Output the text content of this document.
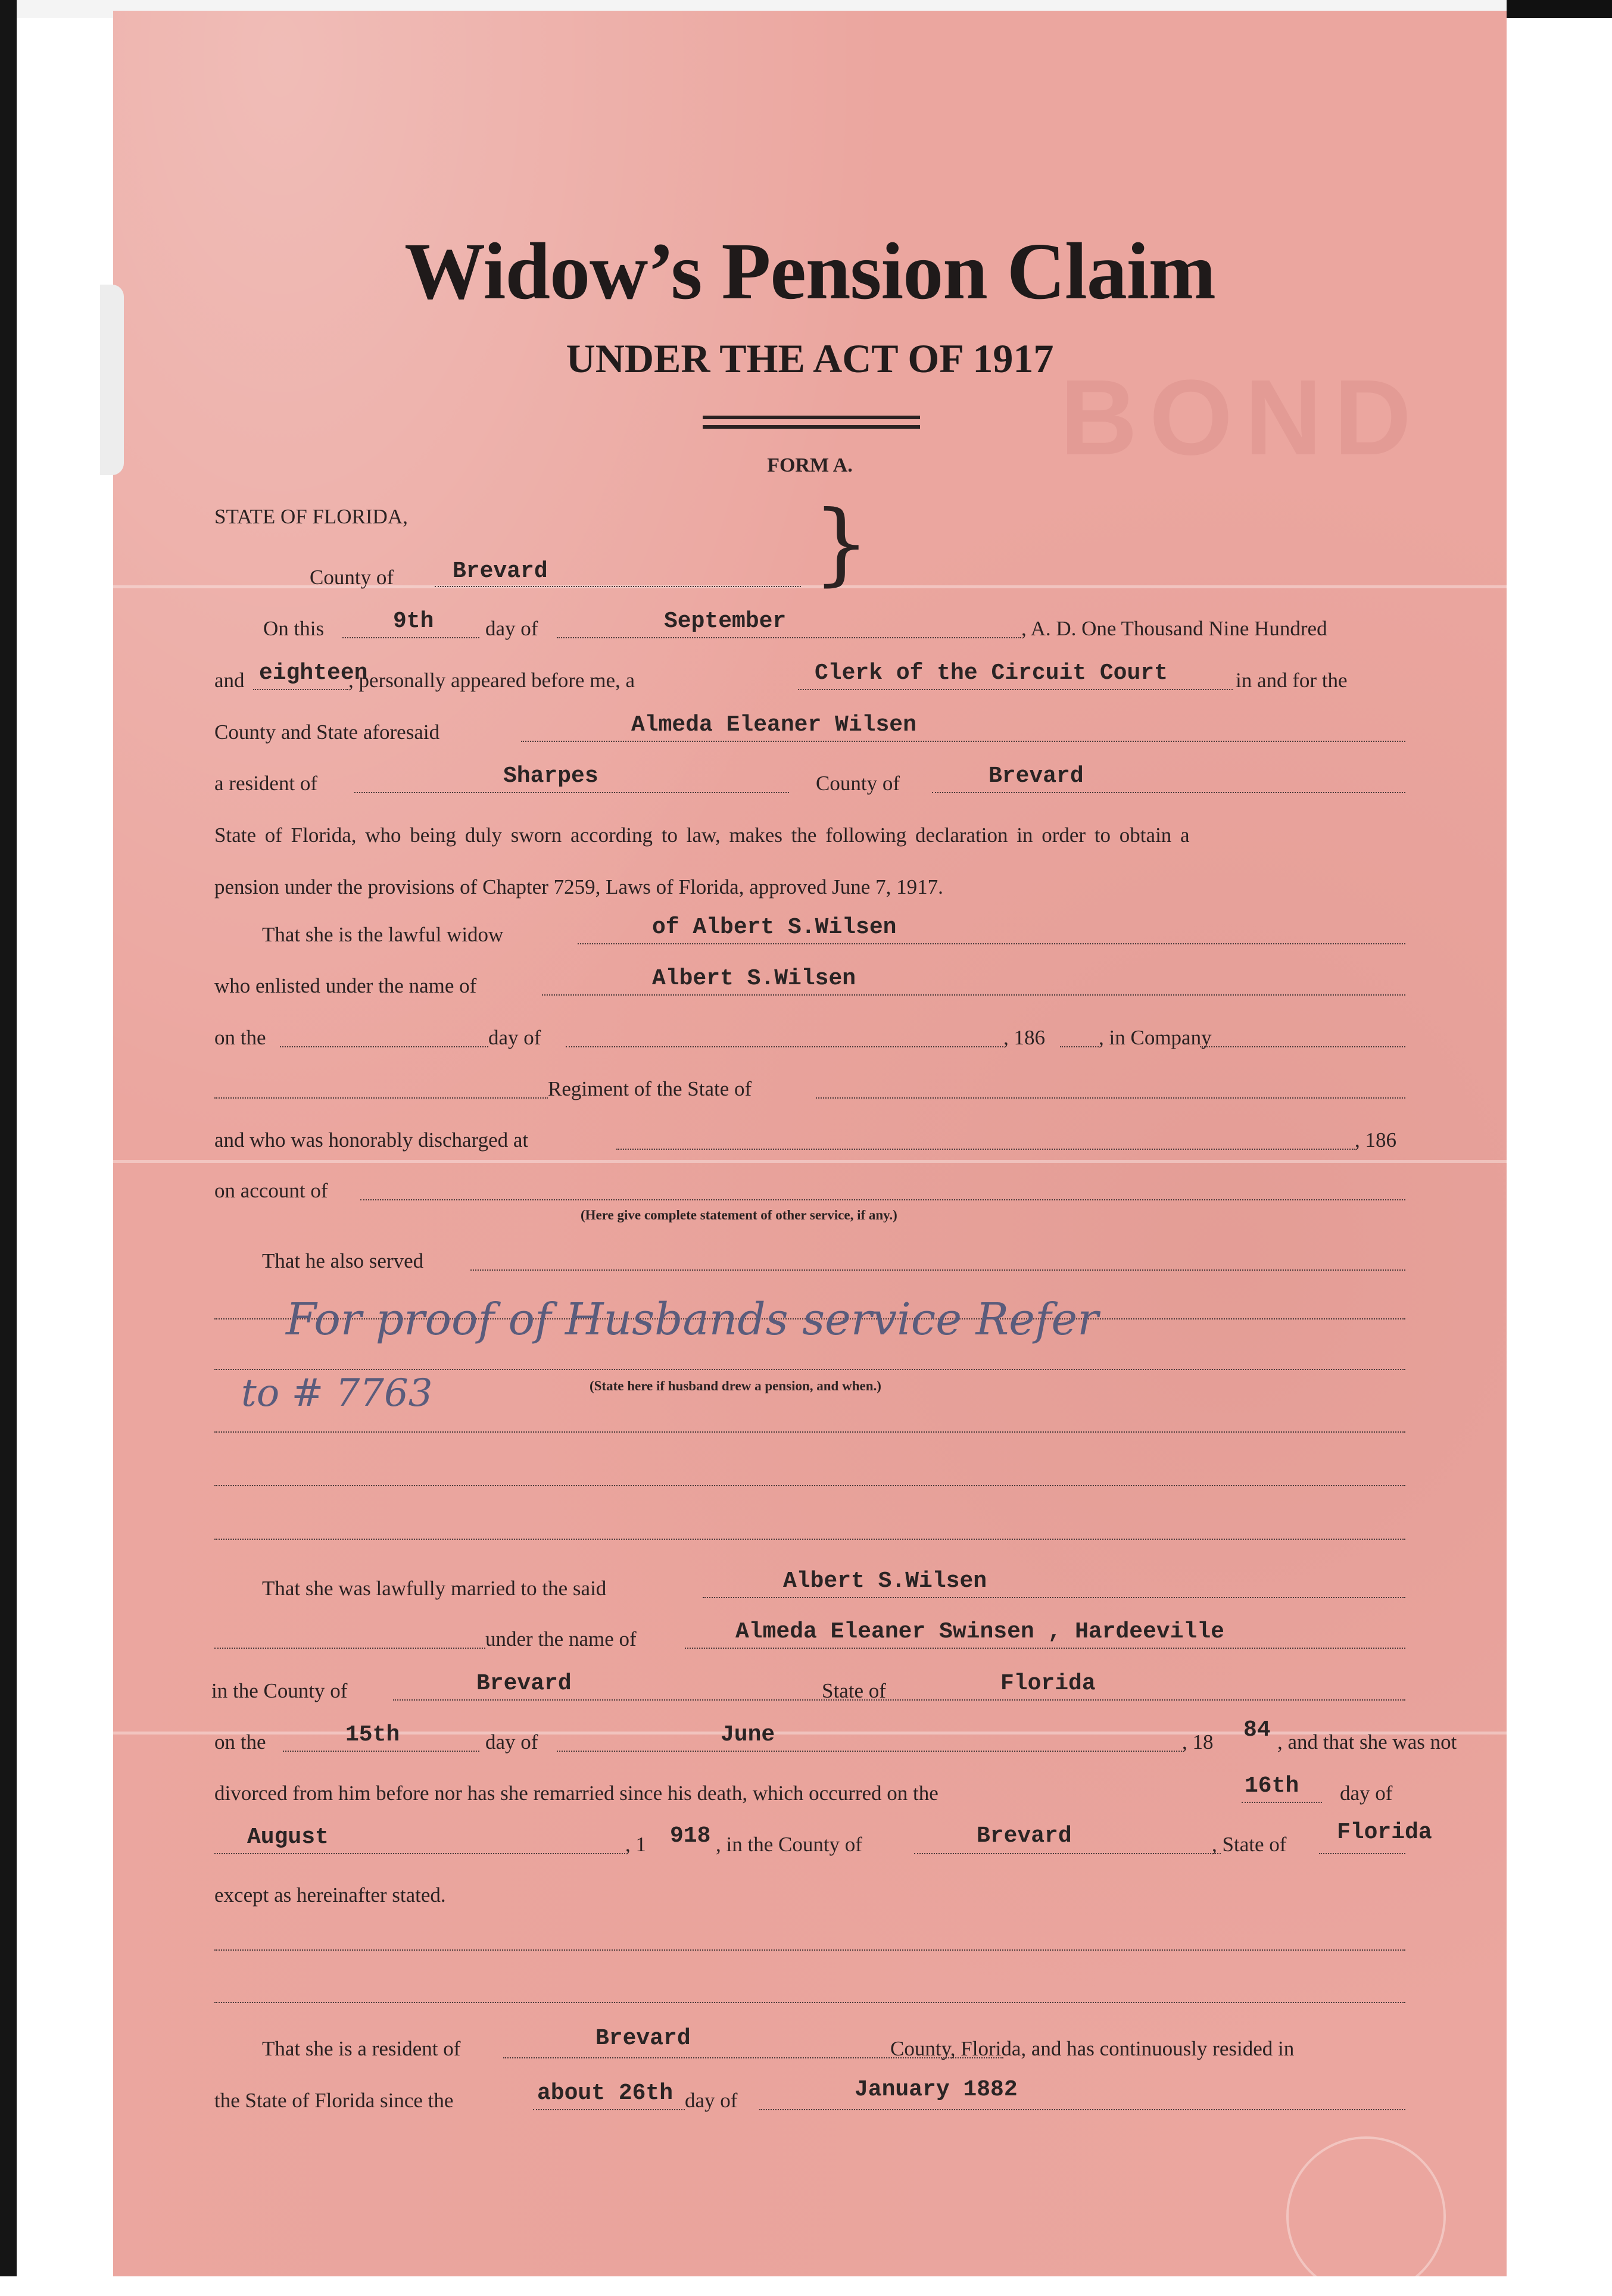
BOND
Widow’s Pension Claim
UNDER THE ACT OF 1917
FORM A.
STATE OF FLORIDA,
County of	Brevard	}
On this	9th day of	September	, A. D. One Thousand Nine Hundred
and eighteen
, personally appeared before me, a	Clerk of the Circuit Court	in and for the
County and State aforesaid	Almeda Eleaner Wilsen
a resident of	Sharpes	County of	Brevard
State of Florida, who being duly sworn according to law, makes the following declaration in order to obtain a
pension under the provisions of Chapter 7259, Laws of Florida, approved June 7, 1917.
That she is the lawful widow	of Albert S.Wilsen
who enlisted under the name of	Albert S.Wilsen
on the	day of	, 186	, in Company
Regiment of the State of
and who was honorably discharged at	, 186
on account of
(Here give complete statement of other service, if any.)
That he also served
For proof of Husbands service Refer
(State here if husband drew a pension, and when.)
to # 7763
That she was lawfully married to the said	Albert S.Wilsen
under the name of	Almeda Eleaner Swinsen , Hardeeville
in the County of	Brevard	State of	Florida
on the	15th	day of	June	, 18 84 , and that she was not
divorced from him before nor has she remarried since his death, which occurred on the	16th day of
August	, 1 918 , in the County of	Brevard	, State of Florida
except as hereinafter stated.
That she is a resident of	Brevard	County, Florida, and has continuously resided in
the State of Florida since the	about 26th day of	January 1882
